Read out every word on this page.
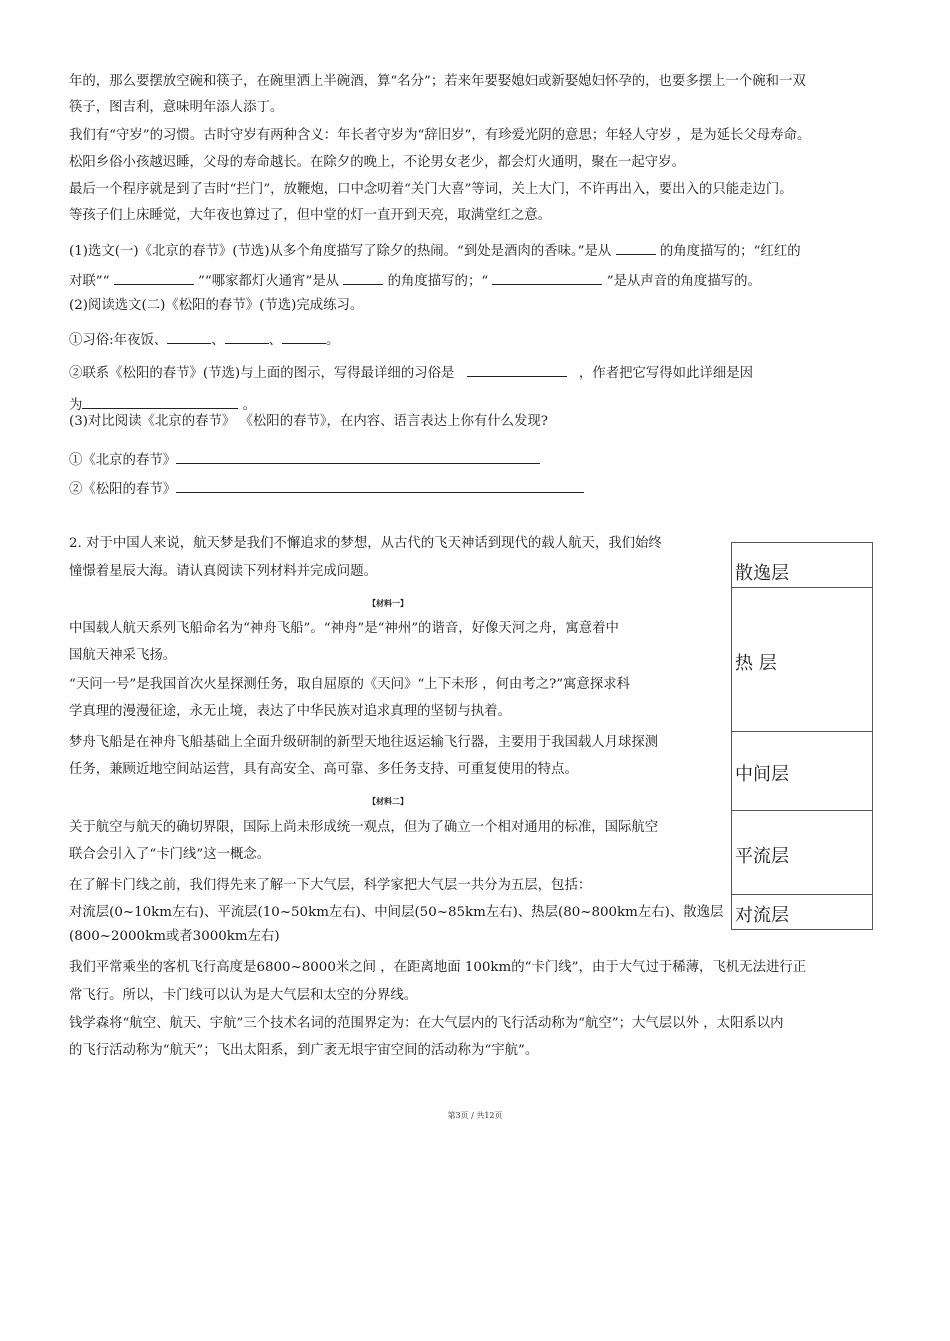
年的，那么要摆放空碗和筷子，在碗里洒上半碗酒，算“名分”；若来年要娶媳妇或新娶媳妇怀孕的，也要多摆上一个碗和一双
筷子，图吉利，意味明年添人添丁。
我们有“守岁”的习惯。古时守岁有两种含义：年长者守岁为“辞旧岁”，有珍爱光阴的意思；年轻人守岁 ，是为延长父母寿命。
松阳乡俗小孩越迟睡，父母的寿命越长。在除夕的晚上，不论男女老少，都会灯火通明，聚在一起守岁。
最后一个程序就是到了吉时“拦门”，放鞭炮，口中念叨着“关门大喜”等词，关上大门，不许再出入，要出入的只能走边门。
等孩子们上床睡觉，大年夜也算过了，但中堂的灯一直开到天亮，取满堂红之意。
(1)选文(一)《北京的春节》(节选)从多个角度描写了除夕的热闹。“到处是酒肉的香味。”是从	的角度描写的；“红红的
对联”“	”“哪家都灯火通宵”是从	的角度描写的；“	”是从声音的角度描写的。
(2)阅读选文(二)《松阳的春节》(节选)完成练习。
①习俗:年夜饭、	、	、	。
②联系《松阳的春节》(节选)与上面的图示，写得最详细的习俗是	，作者把它写得如此详细是因
为	。
(3)对比阅读《北京的春节》 《松阳的春节》，在内容、语言表达上你有什么发现?
①《北京的春节》
②《松阳的春节》
2. 对于中国人来说，航天梦是我们不懈追求的梦想，从古代的飞天神话到现代的载人航天，我们始终
憧憬着星辰大海。请认真阅读下列材料并完成问题。
【材料一】
中国载人航天系列飞船命名为“神舟飞船”。“神舟”是“神州”的谐音，好像天河之舟，寓意着中
国航天神采飞扬。
“天问一号”是我国首次火星探测任务，取自屈原的《天问》“上下未形 ，何由考之?”寓意探求科
学真理的漫漫征途，永无止境，表达了中华民族对追求真理的坚韧与执着。
梦舟飞船是在神舟飞船基础上全面升级研制的新型天地往返运输飞行器，主要用于我国载人月球探测
任务，兼顾近地空间站运营，具有高安全、高可靠、多任务支持、可重复使用的特点。
【材料二】
关于航空与航天的确切界限，国际上尚未形成统一观点，但为了确立一个相对通用的标准，国际航空
联合会引入了“卡门线”这一概念。
在了解卡门线之前，我们得先来了解一下大气层，科学家把大气层一共分为五层，包括：
对流层(0~10km左右)、平流层(10~50km左右)、中间层(50~85km左右)、热层(80~800km左右)、散逸层
(800~2000km或者3000km左右)
我们平常乘坐的客机飞行高度是6800~8000米之间 ，在距离地面 100km的“卡门线”，由于大气过于稀薄，飞机无法进行正
常飞行。所以，卡门线可以认为是大气层和太空的分界线。
钱学森将“航空、航天、宇航”三个技术名词的范围界定为：在大气层内的飞行活动称为“航空”；大气层以外 ，太阳系以内
的飞行活动称为“航天”；飞出太阳系，到广袤无垠宇宙空间的活动称为“宇航”。
散逸层
热 层
中间层
平流层
对流层
第3页 / 共12页
